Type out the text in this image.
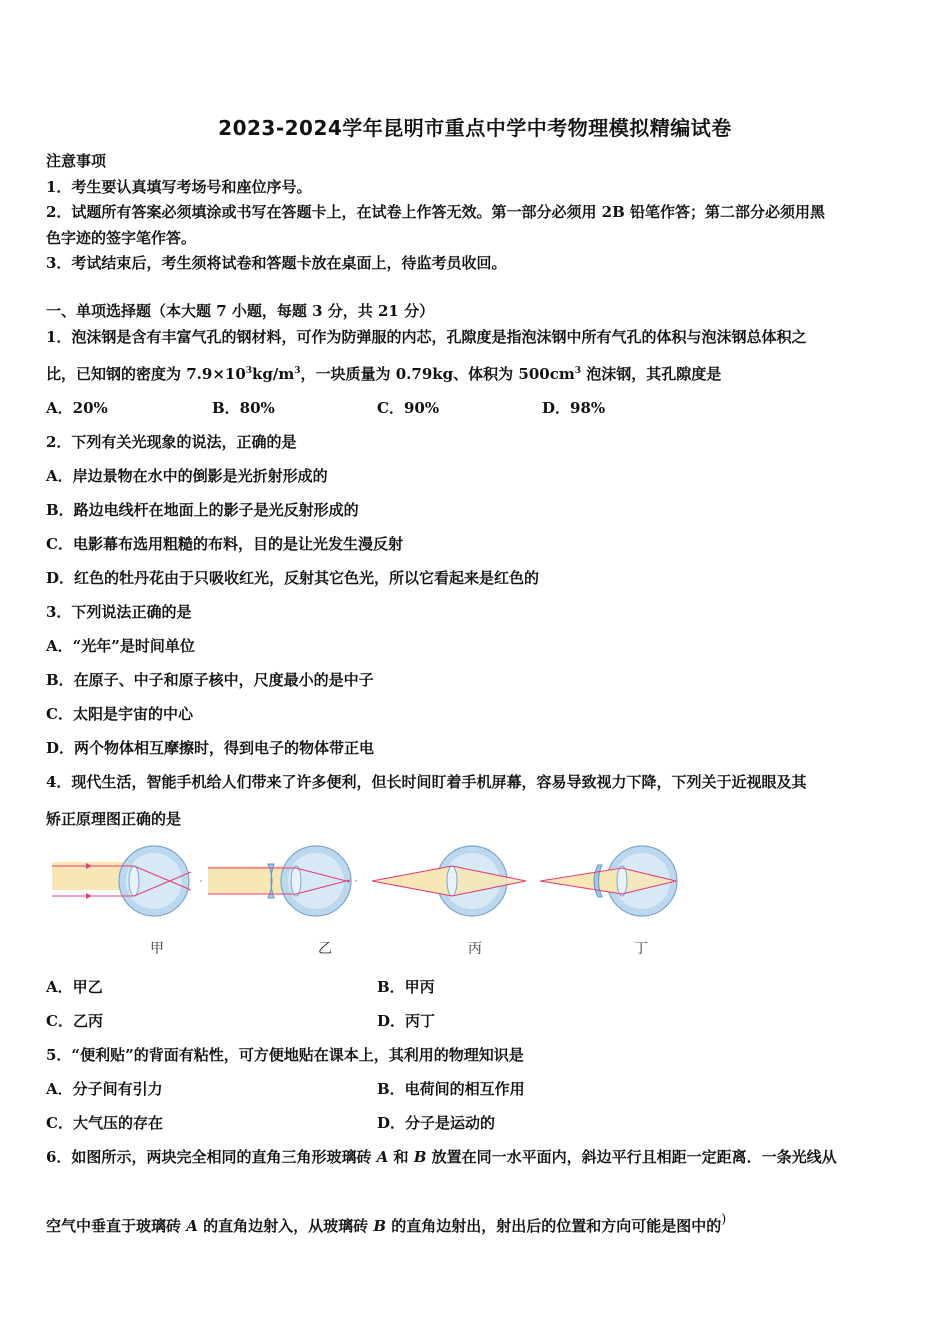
2023-2024学年昆明市重点中学中考物理模拟精编试卷
注意事项
1．考生要认真填写考场号和座位序号。
2．试题所有答案必须填涂或书写在答题卡上，在试卷上作答无效。第一部分必须用 2B 铅笔作答；第二部分必须用黑
色字迹的签字笔作答。
3．考试结束后，考生须将试卷和答题卡放在桌面上，待监考员收回。
一、单项选择题（本大题 7 小题，每题 3 分，共 21 分）
1．泡沫钢是含有丰富气孔的钢材料，可作为防弹服的内芯，孔隙度是指泡沫钢中所有气孔的体积与泡沫钢总体积之
比，已知钢的密度为 $7.9\times 10^3kg/m^3$，一块质量为 0.79kg、体积为 $500cm^3$ 泡沫钢，其孔隙度是
A．20%	B．80%	C．90%	D．98%
2．下列有关光现象的说法，正确的是
A．岸边景物在水中的倒影是光折射形成的
B．路边电线杆在地面上的影子是光反射形成的
C．电影幕布选用粗糙的布料，目的是让光发生漫反射
D．红色的牡丹花由于只吸收红光，反射其它色光，所以它看起来是红色的
3．下列说法正确的是
A．“光年”是时间单位
B．在原子、中子和原子核中，尺度最小的是中子
C．太阳是宇宙的中心
D．两个物体相互摩擦时，得到电子的物体带正电
4．现代生活，智能手机给人们带来了许多便利，但长时间盯着手机屏幕，容易导致视力下降，下列关于近视眼及其
矫正原理图正确的是
甲	乙	丙	丁
A．甲乙	B．甲丙
C．乙丙	D．丙丁
5．“便利贴”的背面有粘性，可方便地贴在课本上，其利用的物理知识是
A．分子间有引力	B．电荷间的相互作用
C．大气压的存在	D．分子是运动的
6．如图所示，两块完全相同的直角三角形玻璃砖 A 和 B 放置在同一水平面内，斜边平行且相距一定距离．一条光线从
空气中垂直于玻璃砖 A 的直角边射入，从玻璃砖 B 的直角边射出，射出后的位置和方向可能是图中的)
